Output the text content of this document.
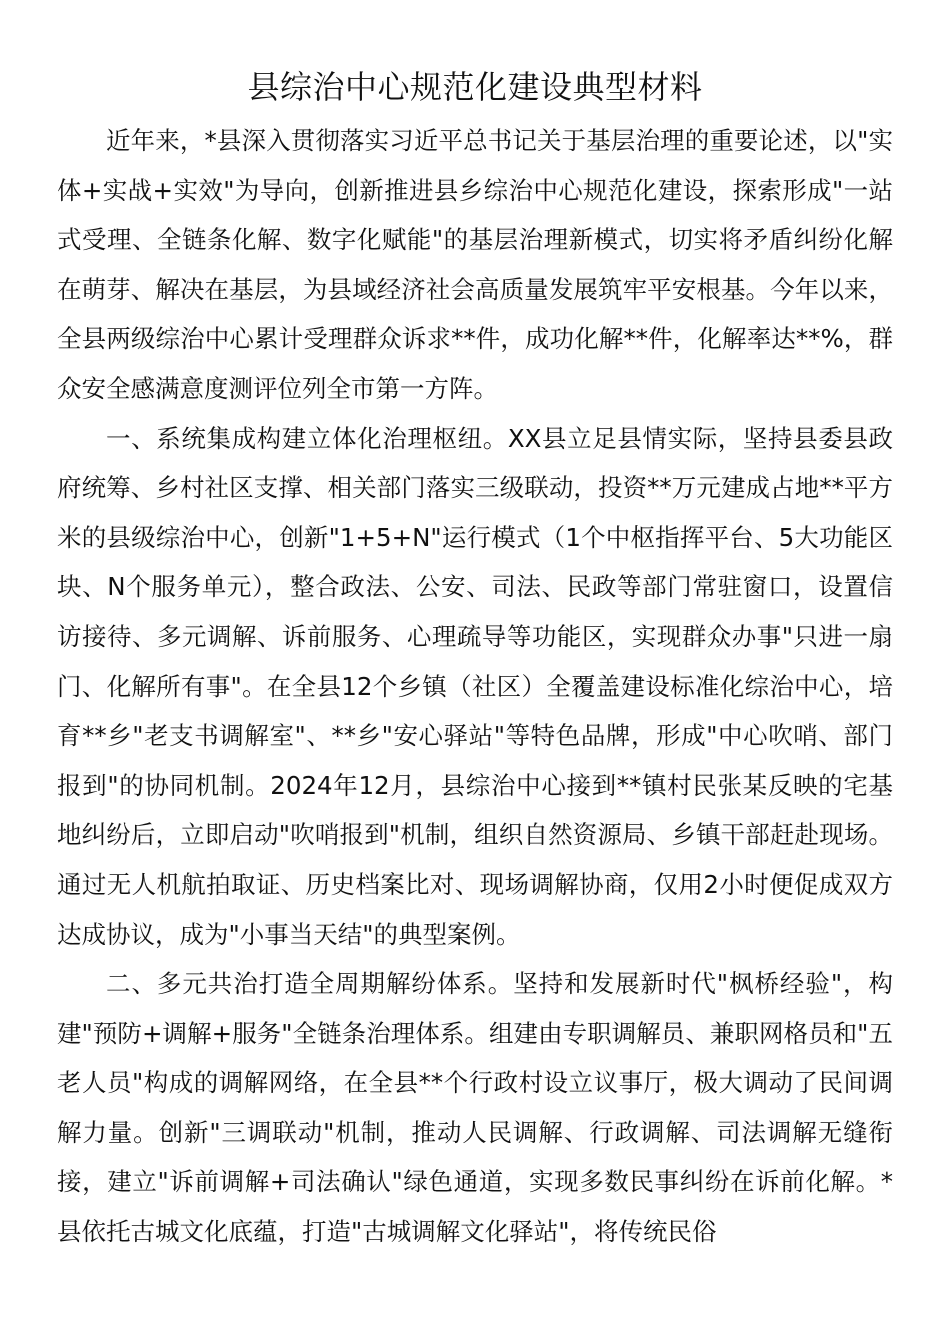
县综治中心规范化建设典型材料

近年来，*县深入贯彻落实习近平总书记关于基层治理的重要论述，以"实体+实战+实效"为导向，创新推进县乡综治中心规范化建设，探索形成"一站式受理、全链条化解、数字化赋能"的基层治理新模式，切实将矛盾纠纷化解在萌芽、解决在基层，为县域经济社会高质量发展筑牢平安根基。今年以来，全县两级综治中心累计受理群众诉求**件，成功化解**件，化解率达**%，群众安全感满意度测评位列全市第一方阵。

一、系统集成构建立体化治理枢纽。XX县立足县情实际，坚持县委县政府统筹、乡村社区支撑、相关部门落实三级联动，投资**万元建成占地**平方米的县级综治中心，创新"1+5+N"运行模式（1个中枢指挥平台、5大功能区块、N个服务单元），整合政法、公安、司法、民政等部门常驻窗口，设置信访接待、多元调解、诉前服务、心理疏导等功能区，实现群众办事"只进一扇门、化解所有事"。在全县12个乡镇（社区）全覆盖建设标准化综治中心，培育**乡"老支书调解室"、**乡"安心驿站"等特色品牌，形成"中心吹哨、部门报到"的协同机制。2024年12月，县综治中心接到**镇村民张某反映的宅基地纠纷后，立即启动"吹哨报到"机制，组织自然资源局、乡镇干部赶赴现场。通过无人机航拍取证、历史档案比对、现场调解协商，仅用2小时便促成双方达成协议，成为"小事当天结"的典型案例。

二、多元共治打造全周期解纷体系。坚持和发展新时代"枫桥经验"，构建"预防+调解+服务"全链条治理体系。组建由专职调解员、兼职网格员和"五老人员"构成的调解网络，在全县**个行政村设立议事厅，极大调动了民间调解力量。创新"三调联动"机制，推动人民调解、行政调解、司法调解无缝衔接，建立"诉前调解+司法确认"绿色通道，实现多数民事纠纷在诉前化解。*县依托古城文化底蕴，打造"古城调解文化驿站"，将传统民俗
